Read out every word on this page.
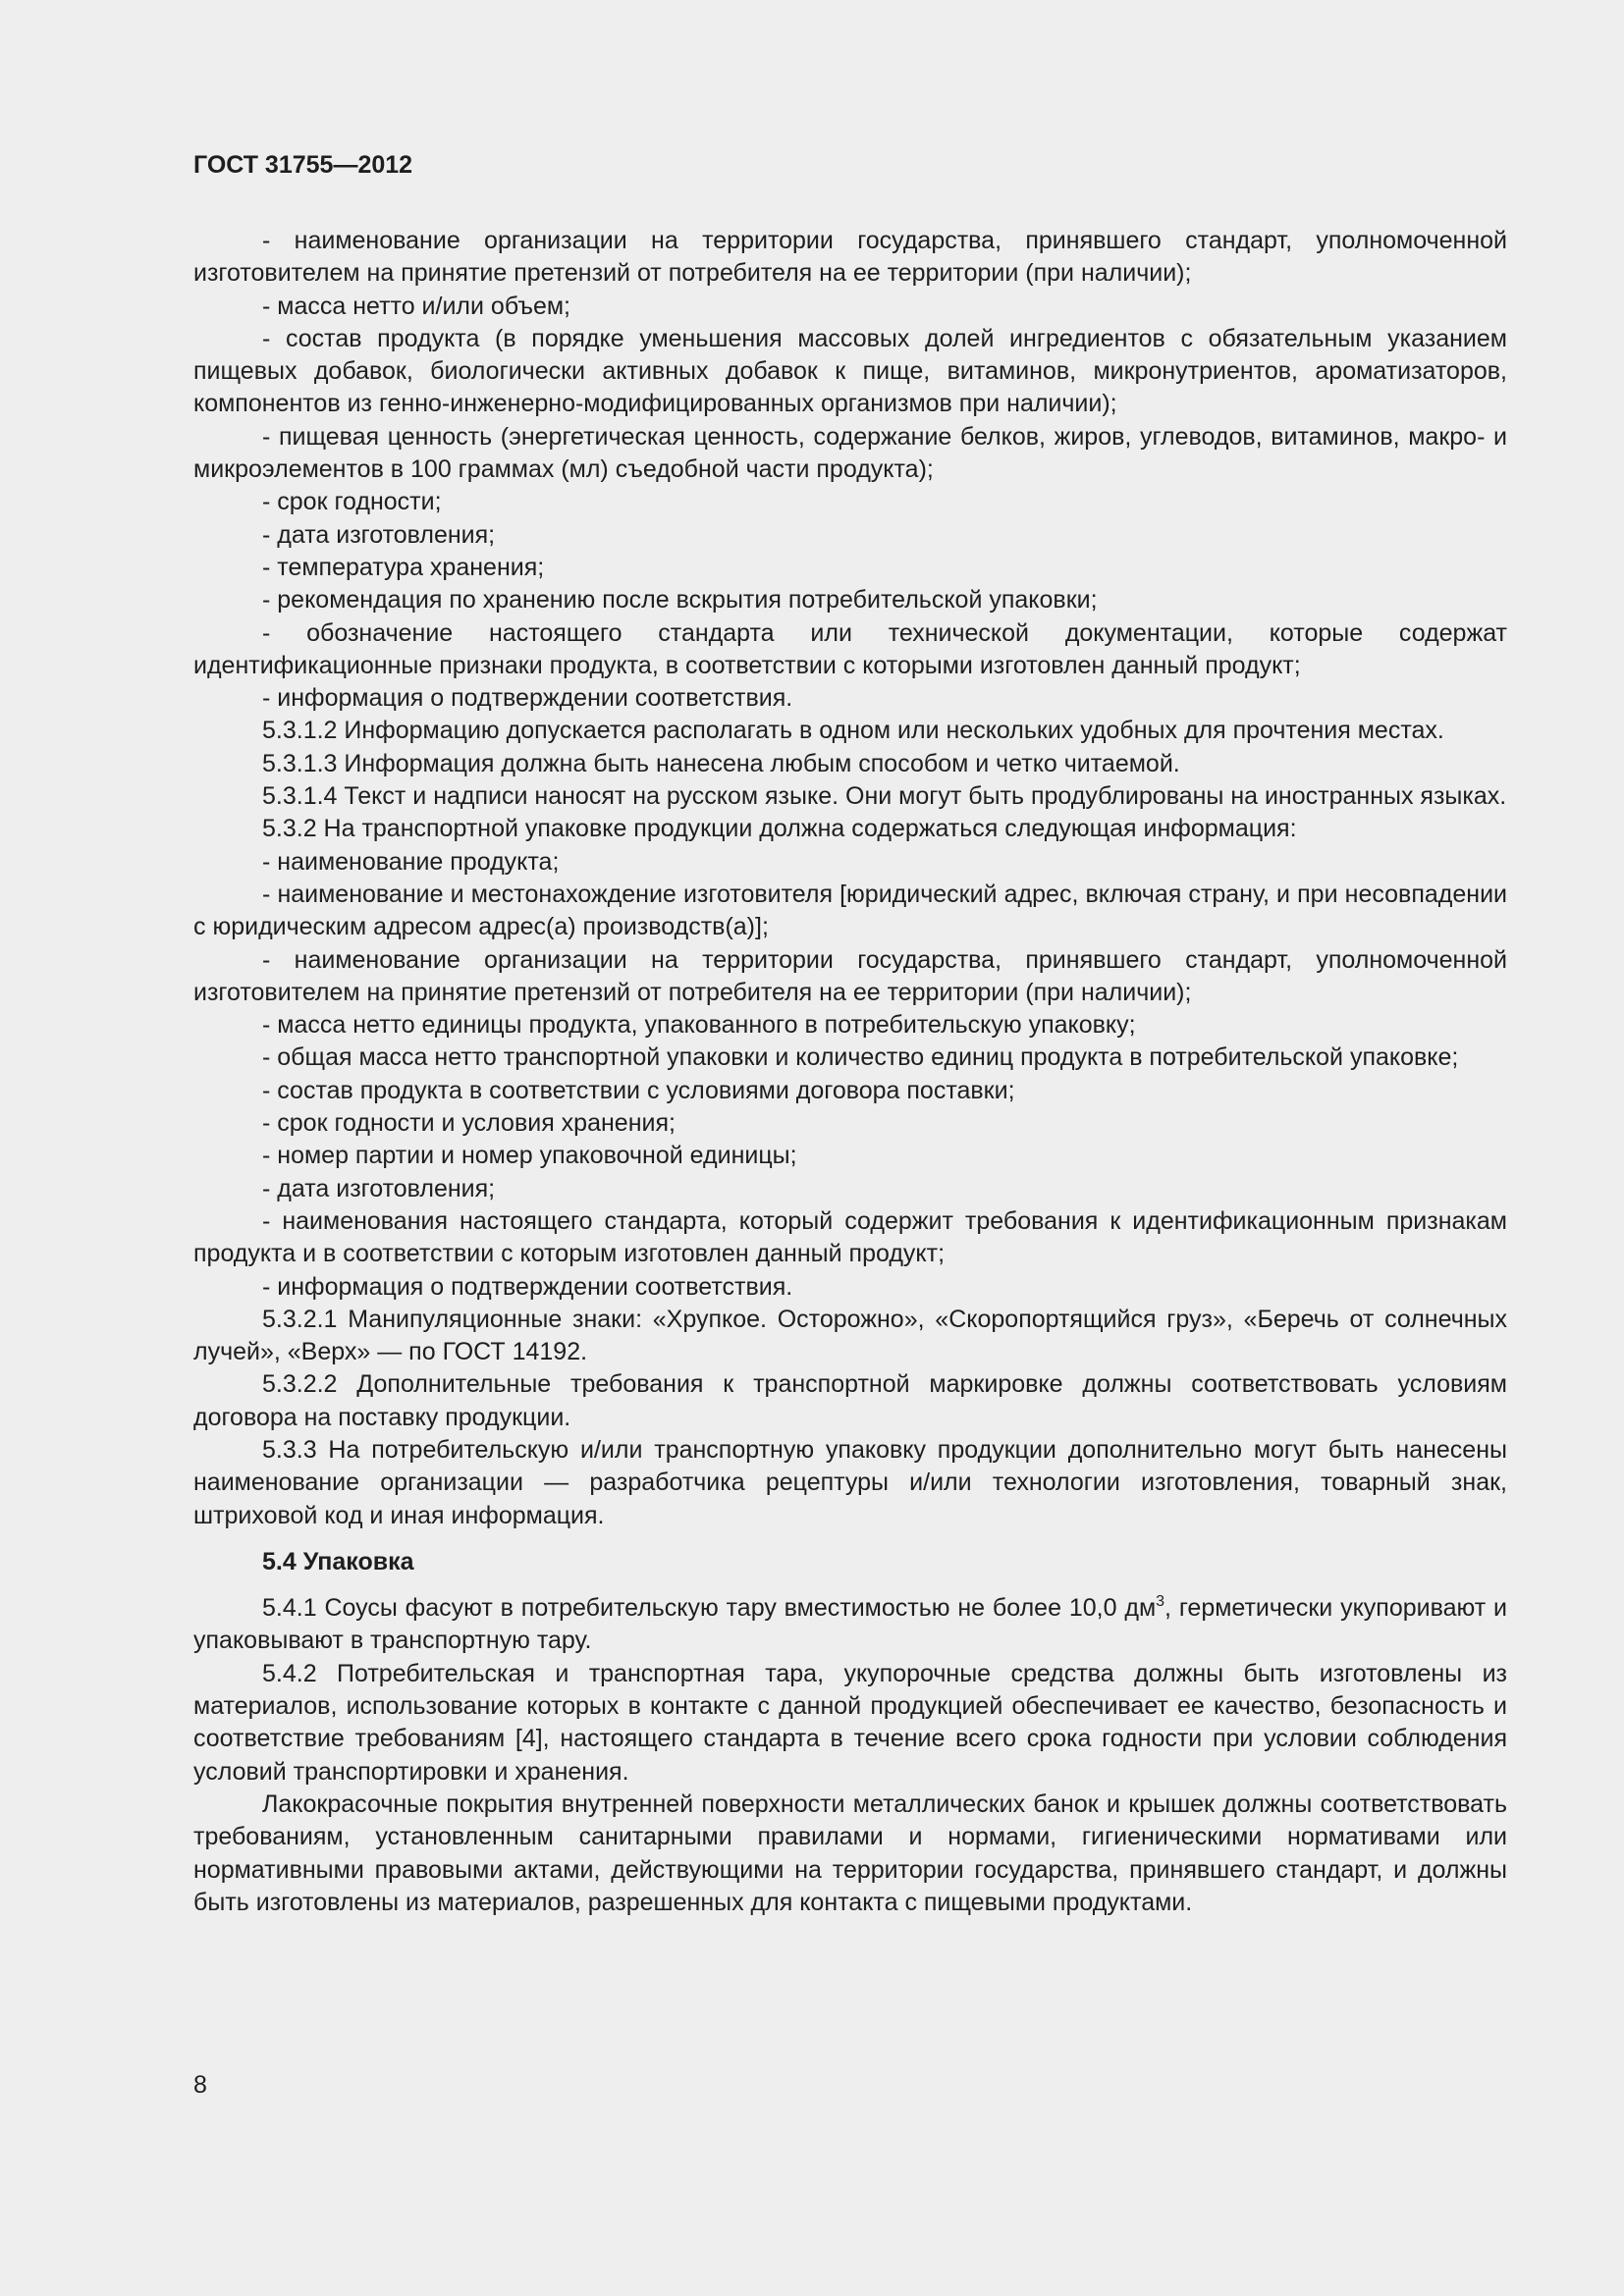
ГОСТ 31755—2012

- наименование организации на территории государства, принявшего стандарт, уполномоченной изготовителем на принятие претензий от потребителя на ее территории (при наличии);

- масса нетто и/или объем;

- состав продукта (в порядке уменьшения массовых долей ингредиентов с обязательным указанием пищевых добавок, биологически активных добавок к пище, витаминов, микронутриентов, ароматизаторов, компонентов из генно-инженерно-модифицированных организмов при наличии);

- пищевая ценность (энергетическая ценность, содержание белков, жиров, углеводов, витаминов, макро- и микроэлементов в 100 граммах (мл) съедобной части продукта);

- срок годности;

- дата изготовления;

- температура хранения;

- рекомендация по хранению после вскрытия потребительской упаковки;

- обозначение настоящего стандарта или технической документации, которые содержат идентификационные признаки продукта, в соответствии с которыми изготовлен данный продукт;

- информация о подтверждении соответствия.

5.3.1.2 Информацию допускается располагать в одном или нескольких удобных для прочтения местах.

5.3.1.3 Информация должна быть нанесена любым способом и четко читаемой.

5.3.1.4 Текст и надписи наносят на русском языке. Они могут быть продублированы на иностранных языках.

5.3.2 На транспортной упаковке продукции должна содержаться следующая информация:

- наименование продукта;

- наименование и местонахождение изготовителя [юридический адрес, включая страну, и при несовпадении с юридическим адресом адрес(а) производств(а)];

- наименование организации на территории государства, принявшего стандарт, уполномоченной изготовителем на принятие претензий от потребителя на ее территории (при наличии);

- масса нетто единицы продукта, упакованного в потребительскую упаковку;

- общая масса нетто транспортной упаковки и количество единиц продукта в потребительской упаковке;

- состав продукта в соответствии с условиями договора поставки;

- срок годности и условия хранения;

- номер партии и номер упаковочной единицы;

- дата изготовления;

- наименования настоящего стандарта, который содержит требования к идентификационным признакам продукта и в соответствии с которым изготовлен данный продукт;

- информация о подтверждении соответствия.

5.3.2.1 Манипуляционные знаки: «Хрупкое. Осторожно», «Скоропортящийся груз», «Беречь от солнечных лучей», «Верх» — по ГОСТ 14192.

5.3.2.2 Дополнительные требования к транспортной маркировке должны соответствовать условиям договора на поставку продукции.

5.3.3 На потребительскую и/или транспортную упаковку продукции дополнительно могут быть нанесены наименование организации — разработчика рецептуры и/или технологии изготовления, товарный знак, штриховой код и иная информация.

5.4 Упаковка

5.4.1 Соусы фасуют в потребительскую тару вместимостью не более 10,0 $дм^3$, герметически укупоривают и упаковывают в транспортную тару.

5.4.2 Потребительская и транспортная тара, укупорочные средства должны быть изготовлены из материалов, использование которых в контакте с данной продукцией обеспечивает ее качество, безопасность и соответствие требованиям [4], настоящего стандарта в течение всего срока годности при условии соблюдения условий транспортировки и хранения.

Лакокрасочные покрытия внутренней поверхности металлических банок и крышек должны соответствовать требованиям, установленным санитарными правилами и нормами, гигиеническими нормативами или нормативными правовыми актами, действующими на территории государства, принявшего стандарт, и должны быть изготовлены из материалов, разрешенных для контакта с пищевыми продуктами.

8
